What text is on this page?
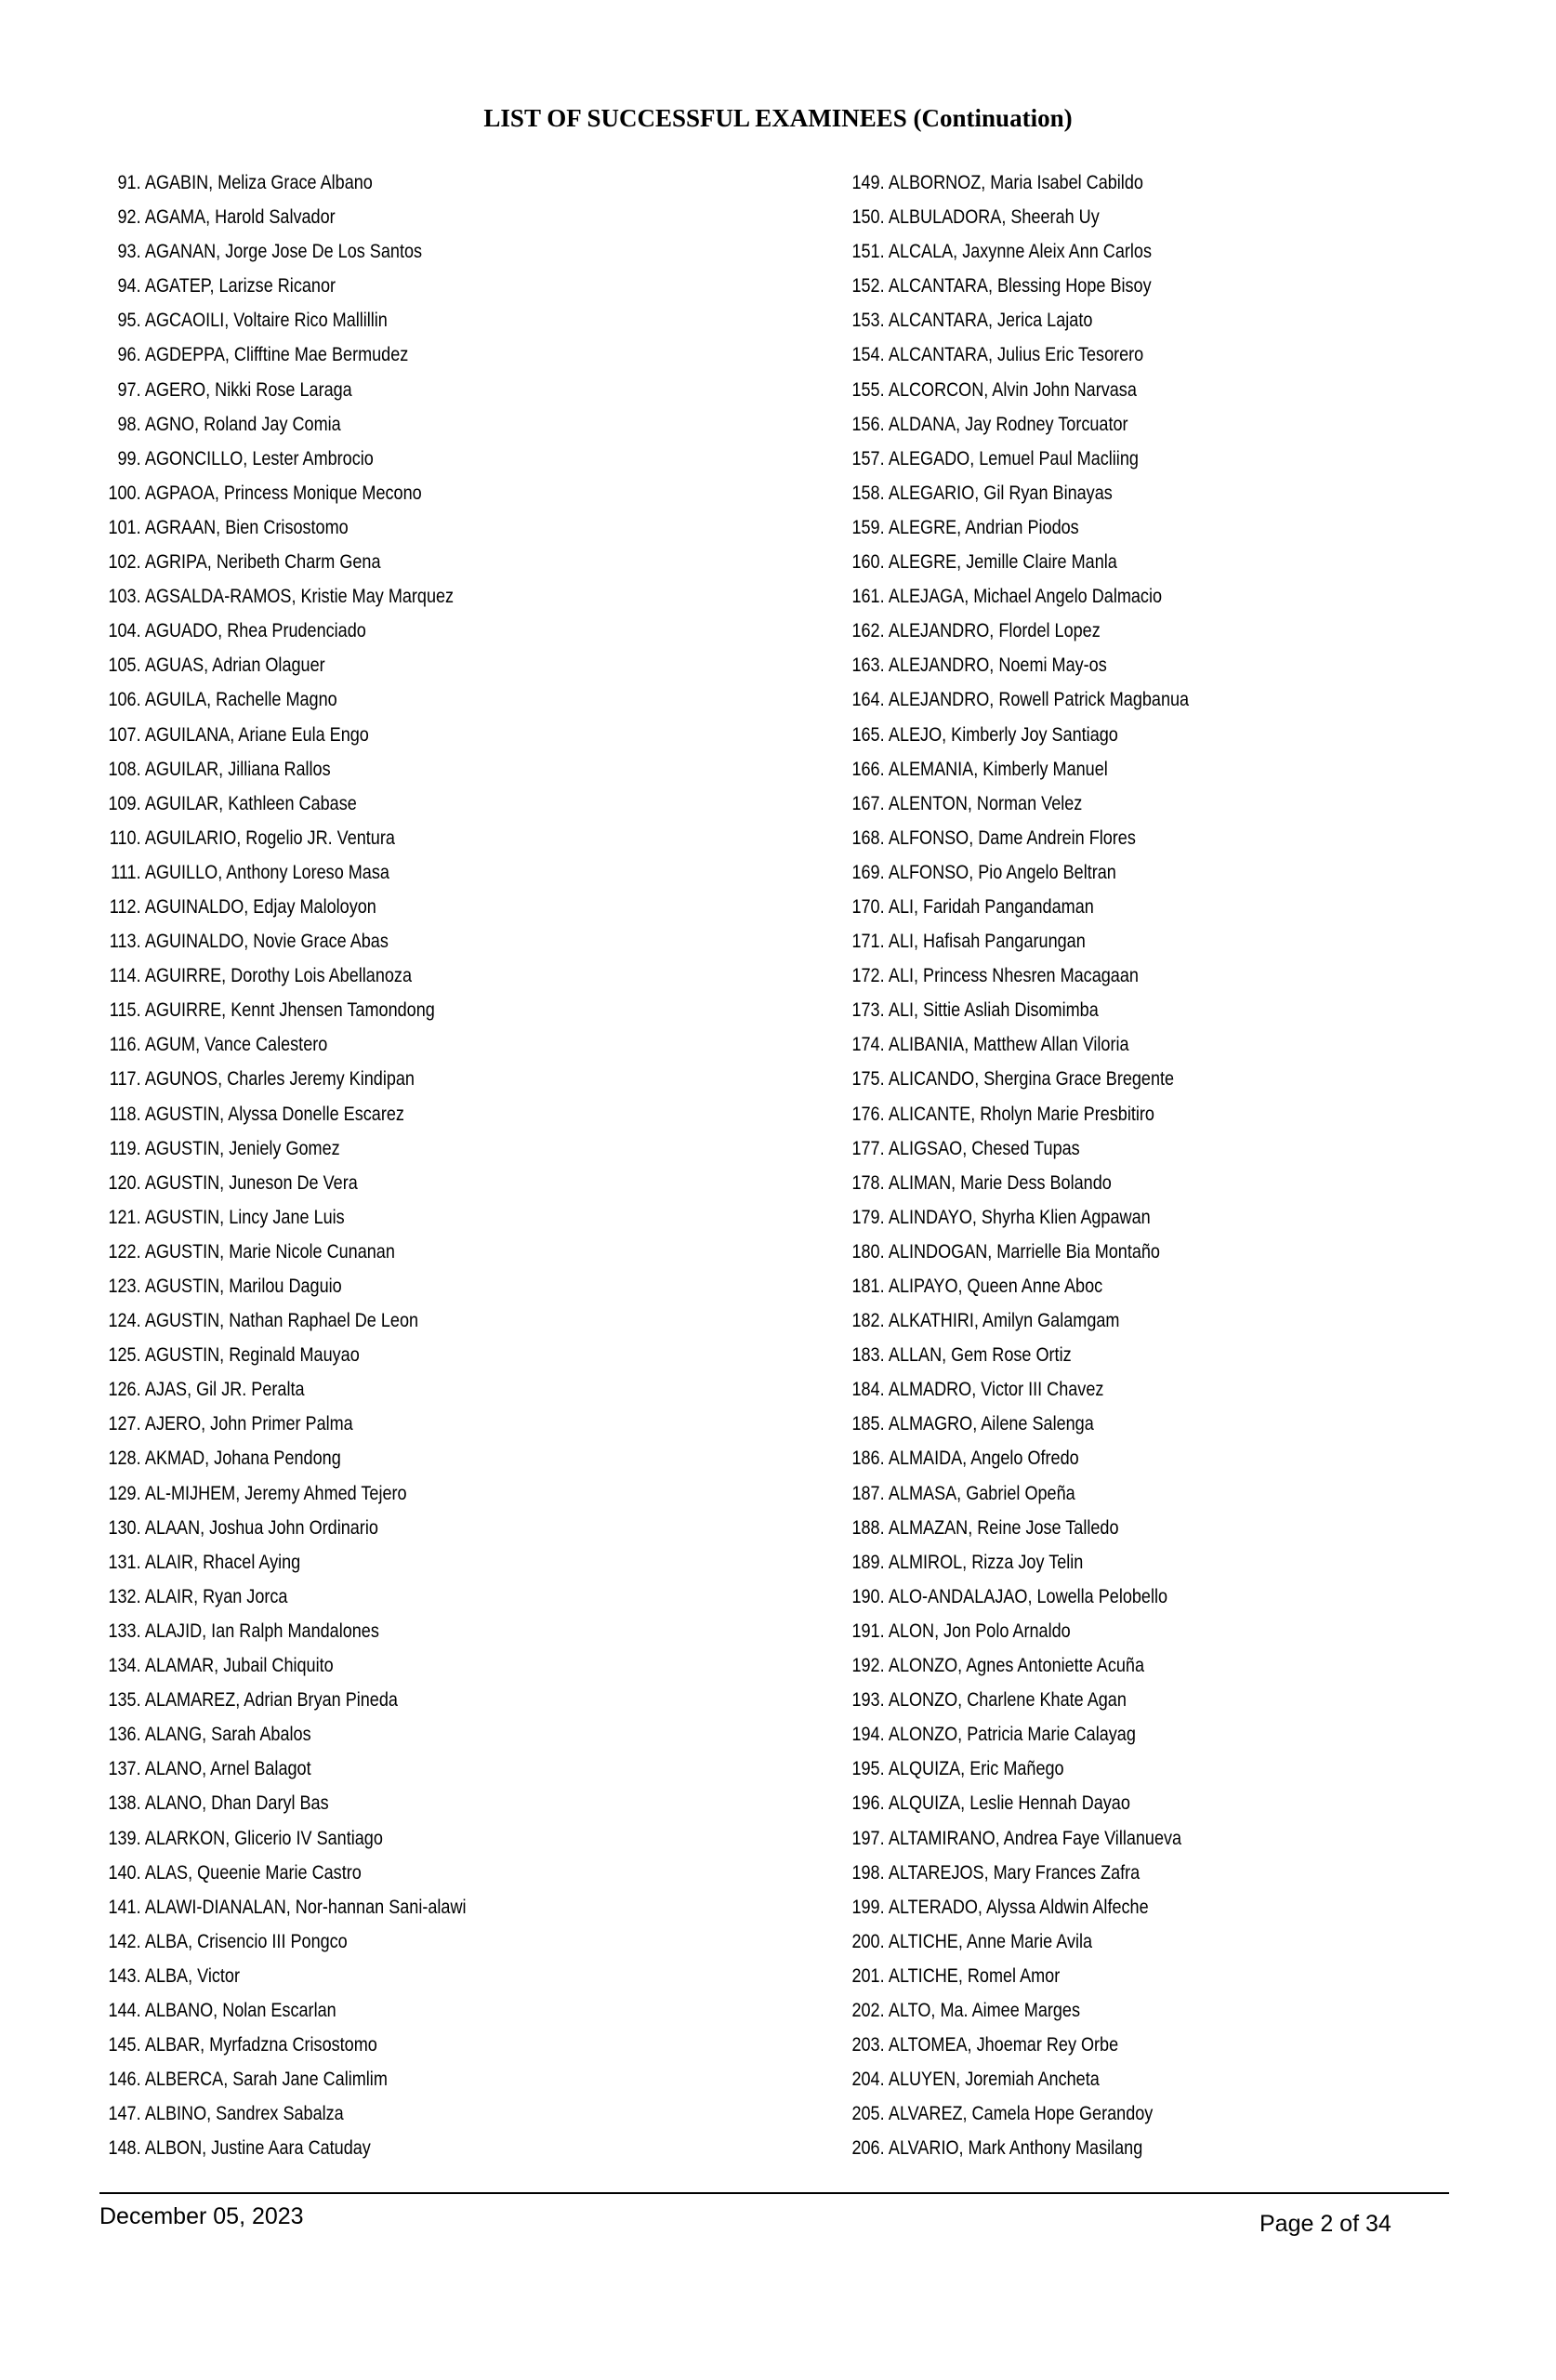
LIST OF SUCCESSFUL EXAMINEES (Continuation)
91. AGABIN, Meliza Grace Albano
92. AGAMA, Harold Salvador
93. AGANAN, Jorge Jose De Los Santos
94. AGATEP, Larizse Ricanor
95. AGCAOILI, Voltaire Rico Mallillin
96. AGDEPPA, Clifftine Mae Bermudez
97. AGERO, Nikki Rose Laraga
98. AGNO, Roland Jay Comia
99. AGONCILLO, Lester Ambrocio
100. AGPAOA, Princess Monique Mecono
101. AGRAAN, Bien Crisostomo
102. AGRIPA, Neribeth Charm Gena
103. AGSALDA-RAMOS, Kristie May Marquez
104. AGUADO, Rhea Prudenciado
105. AGUAS, Adrian Olaguer
106. AGUILA, Rachelle Magno
107. AGUILANA, Ariane Eula Engo
108. AGUILAR, Jilliana Rallos
109. AGUILAR, Kathleen Cabase
110. AGUILARIO, Rogelio JR. Ventura
111. AGUILLO, Anthony Loreso Masa
112. AGUINALDO, Edjay Maloloyon
113. AGUINALDO, Novie Grace Abas
114. AGUIRRE, Dorothy Lois Abellanoza
115. AGUIRRE, Kennt Jhensen Tamondong
116. AGUM, Vance Calestero
117. AGUNOS, Charles Jeremy Kindipan
118. AGUSTIN, Alyssa Donelle Escarez
119. AGUSTIN, Jeniely Gomez
120. AGUSTIN, Juneson De Vera
121. AGUSTIN, Lincy Jane Luis
122. AGUSTIN, Marie Nicole Cunanan
123. AGUSTIN, Marilou Daguio
124. AGUSTIN, Nathan Raphael De Leon
125. AGUSTIN, Reginald Mauyao
126. AJAS, Gil JR. Peralta
127. AJERO, John Primer Palma
128. AKMAD, Johana Pendong
129. AL-MIJHEM, Jeremy Ahmed Tejero
130. ALAAN, Joshua John Ordinario
131. ALAIR, Rhacel Aying
132. ALAIR, Ryan Jorca
133. ALAJID, Ian Ralph Mandalones
134. ALAMAR, Jubail Chiquito
135. ALAMAREZ, Adrian Bryan Pineda
136. ALANG, Sarah Abalos
137. ALANO, Arnel Balagot
138. ALANO, Dhan Daryl Bas
139. ALARKON, Glicerio IV Santiago
140. ALAS, Queenie Marie Castro
141. ALAWI-DIANALAN, Nor-hannan Sani-alawi
142. ALBA, Crisencio III Pongco
143. ALBA, Victor
144. ALBANO, Nolan Escarlan
145. ALBAR, Myrfadzna Crisostomo
146. ALBERCA, Sarah Jane Calimlim
147. ALBINO, Sandrex Sabalza
148. ALBON, Justine Aara Catuday
149. ALBORNOZ, Maria Isabel Cabildo
150. ALBULADORA, Sheerah Uy
151. ALCALA, Jaxynne Aleix Ann Carlos
152. ALCANTARA, Blessing Hope Bisoy
153. ALCANTARA, Jerica Lajato
154. ALCANTARA, Julius Eric Tesorero
155. ALCORCON, Alvin John Narvasa
156. ALDANA, Jay Rodney Torcuator
157. ALEGADO, Lemuel Paul Macliing
158. ALEGARIO, Gil Ryan Binayas
159. ALEGRE, Andrian Piodos
160. ALEGRE, Jemille Claire Manla
161. ALEJAGA, Michael Angelo Dalmacio
162. ALEJANDRO, Flordel Lopez
163. ALEJANDRO, Noemi May-os
164. ALEJANDRO, Rowell Patrick Magbanua
165. ALEJO, Kimberly Joy Santiago
166. ALEMANIA, Kimberly Manuel
167. ALENTON, Norman Velez
168. ALFONSO, Dame Andrein Flores
169. ALFONSO, Pio Angelo Beltran
170. ALI, Faridah Pangandaman
171. ALI, Hafisah Pangarungan
172. ALI, Princess Nhesren Macagaan
173. ALI, Sittie Asliah Disomimba
174. ALIBANIA, Matthew Allan Viloria
175. ALICANDO, Shergina Grace Bregente
176. ALICANTE, Rholyn Marie Presbitiro
177. ALIGSAO, Chesed Tupas
178. ALIMAN, Marie Dess Bolando
179. ALINDAYO, Shyrha Klien Agpawan
180. ALINDOGAN, Marrielle Bia Montaño
181. ALIPAYO, Queen Anne Aboc
182. ALKATHIRI, Amilyn Galamgam
183. ALLAN, Gem Rose Ortiz
184. ALMADRO, Victor III Chavez
185. ALMAGRO, Ailene Salenga
186. ALMAIDA, Angelo Ofredo
187. ALMASA, Gabriel Opeña
188. ALMAZAN, Reine Jose Talledo
189. ALMIROL, Rizza Joy Telin
190. ALO-ANDALAJAO, Lowella Pelobello
191. ALON, Jon Polo Arnaldo
192. ALONZO, Agnes Antoniette Acuña
193. ALONZO, Charlene Khate Agan
194. ALONZO, Patricia Marie Calayag
195. ALQUIZA, Eric Mañego
196. ALQUIZA, Leslie Hennah Dayao
197. ALTAMIRANO, Andrea Faye Villanueva
198. ALTAREJOS, Mary Frances Zafra
199. ALTERADO, Alyssa Aldwin Alfeche
200. ALTICHE, Anne Marie Avila
201. ALTICHE, Romel Amor
202. ALTO, Ma. Aimee Marges
203. ALTOMEA, Jhoemar Rey Orbe
204. ALUYEN, Joremiah Ancheta
205. ALVAREZ, Camela Hope Gerandoy
206. ALVARIO, Mark Anthony Masilang
December 05, 2023	Page 2 of 34
